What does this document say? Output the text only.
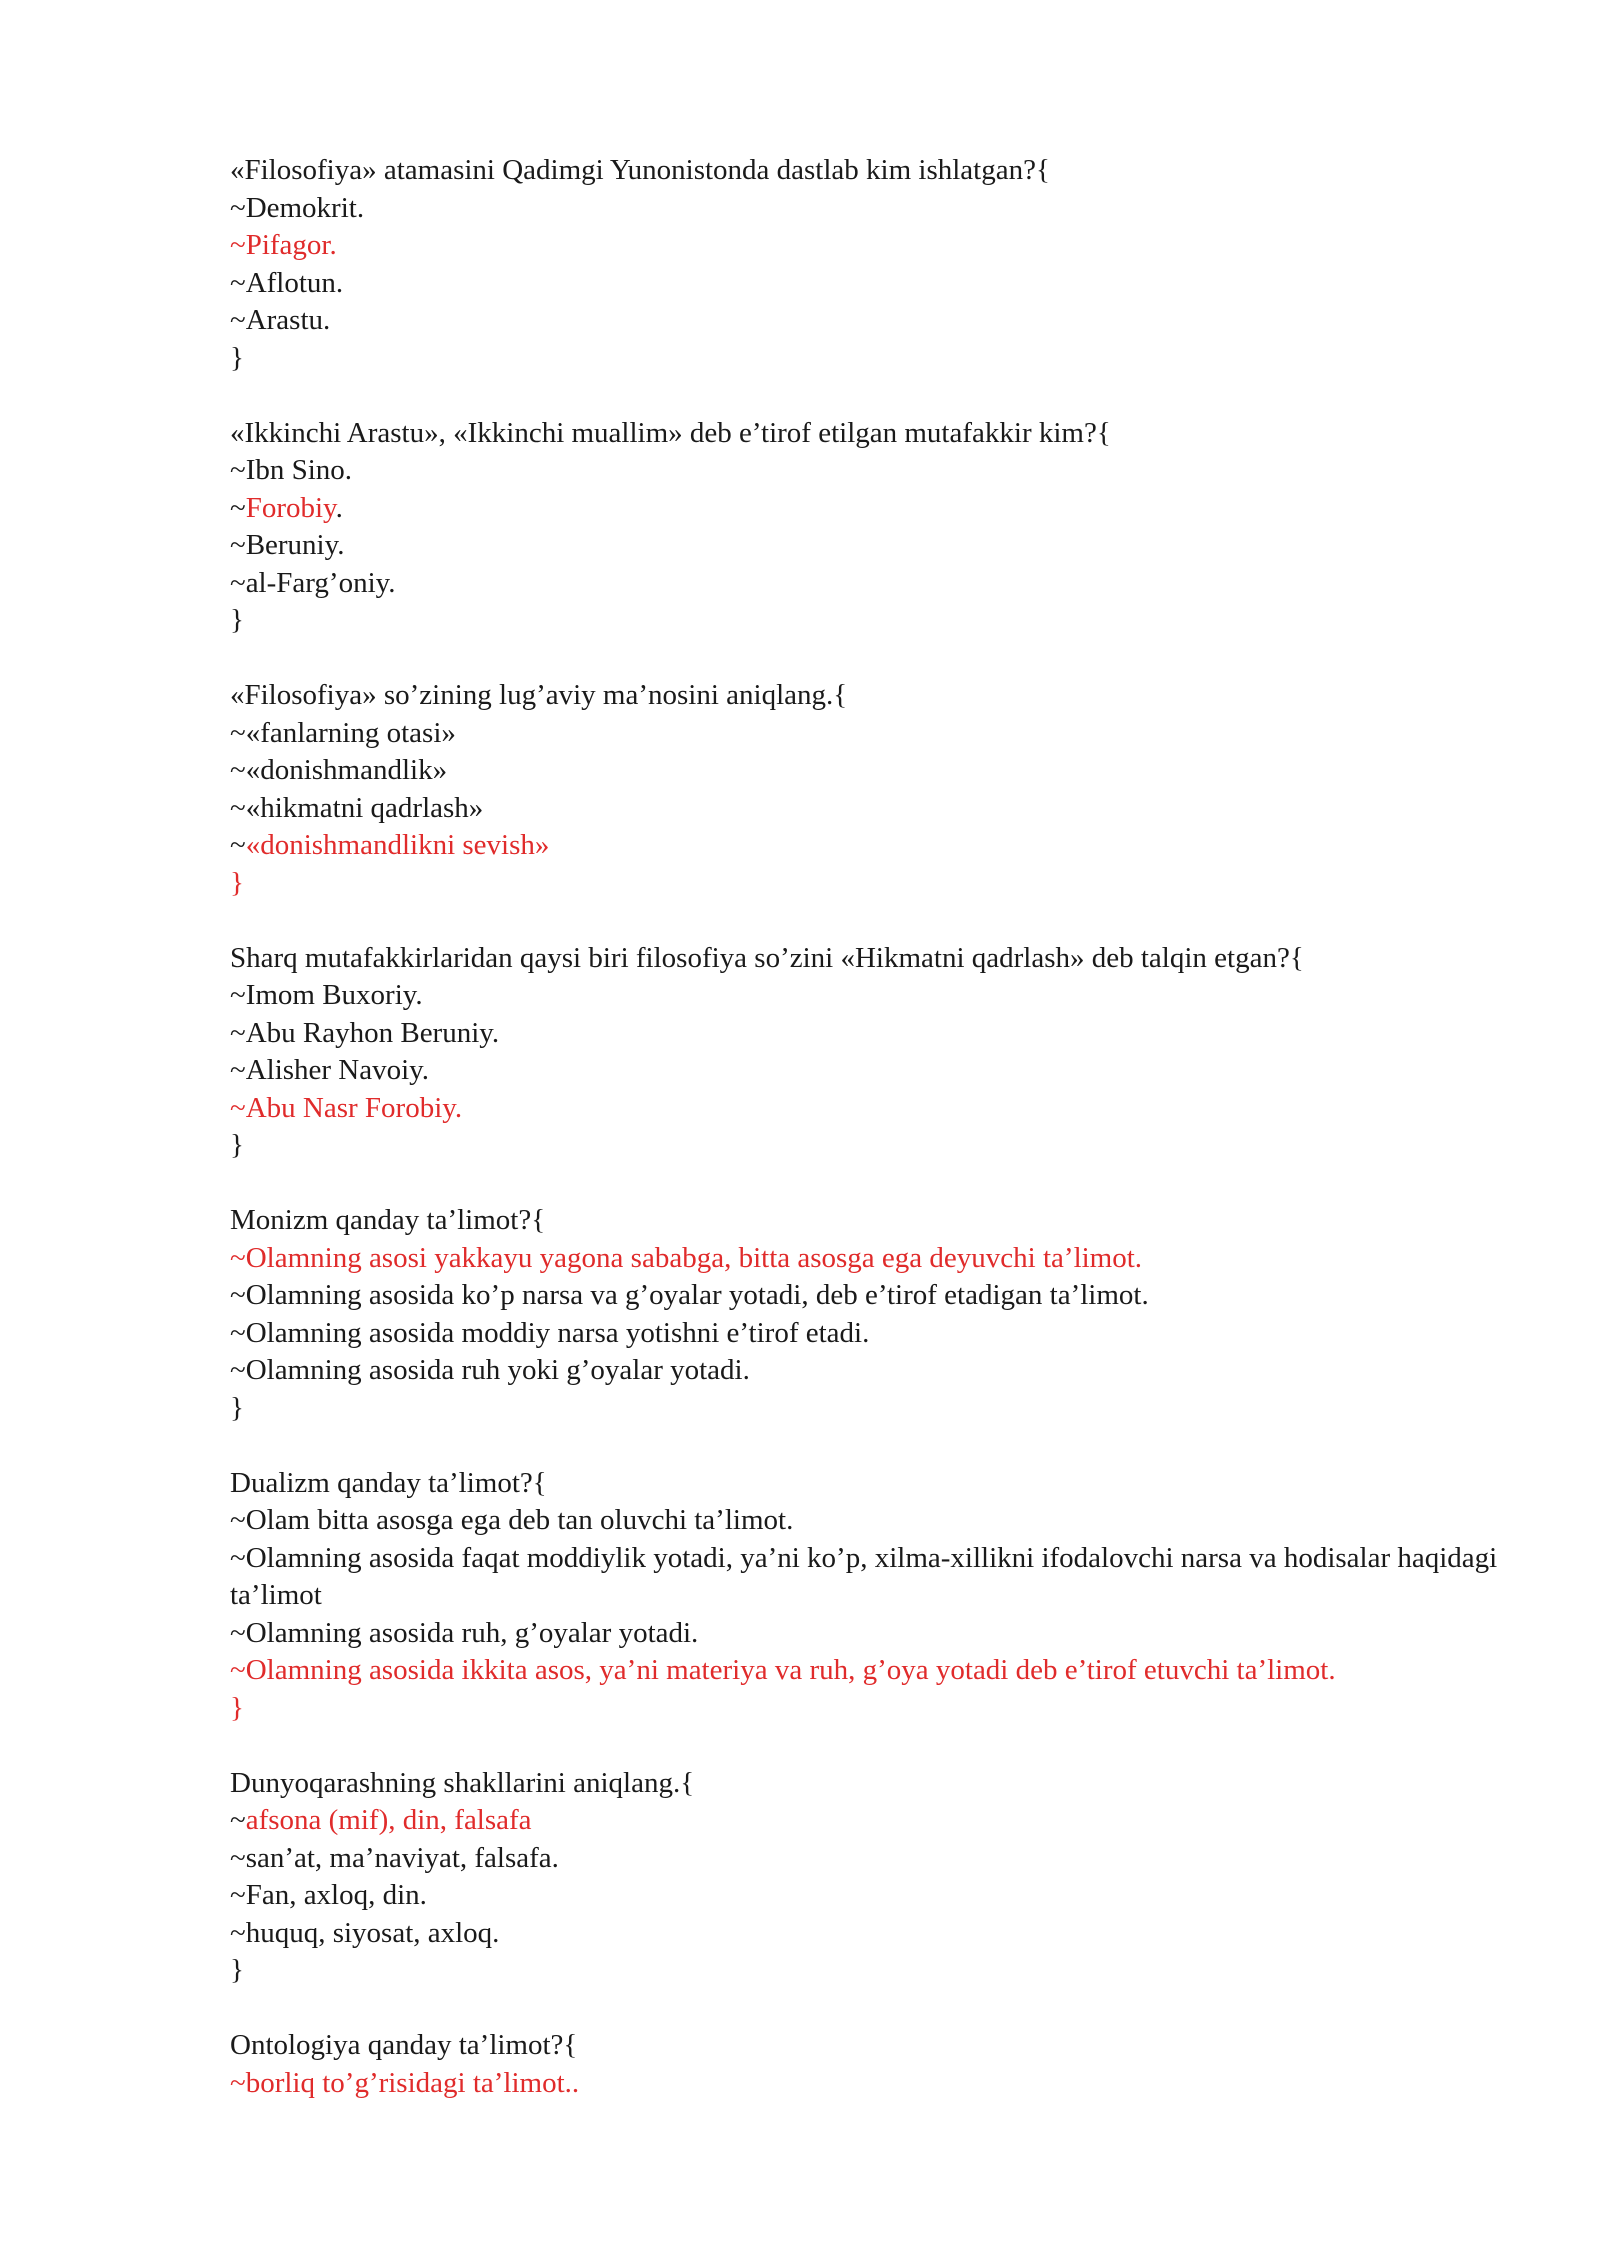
«Filosofiya» atamasini Qadimgi Yunonistonda dastlab kim ishlatgan?{
~Demokrit.
~Pifagor.
~Aflotun.
~Arastu.
}
«Ikkinchi Arastu», «Ikkinchi muallim» deb e’tirof etilgan mutafakkir kim?{
~Ibn Sino.
~Forobiy.
~Beruniy.
~al-Farg’oniy.
}
«Filosofiya» so’zining lug’aviy ma’nosini aniqlang.{
~«fanlarning otasi»
~«donishmandlik»
~«hikmatni qadrlash»
~«donishmandlikni sevish»
}
Sharq mutafakkirlaridan qaysi biri filosofiya so’zini «Hikmatni qadrlash» deb talqin etgan?{
~Imom Buxoriy.
~Abu Rayhon Beruniy.
~Alisher Navoiy.
~Abu Nasr Forobiy.
}
Monizm qanday ta’limot?{
~Olamning asosi yakkayu yagona sababga, bitta asosga ega deyuvchi ta’limot.
~Olamning asosida ko’p narsa va g’oyalar yotadi, deb e’tirof etadigan ta’limot.
~Olamning asosida moddiy narsa yotishni e’tirof etadi.
~Olamning asosida ruh yoki g’oyalar yotadi.
}
Dualizm qanday ta’limot?{
~Olam bitta asosga ega deb tan oluvchi ta’limot.
~Olamning asosida faqat moddiylik yotadi, ya’ni ko’p, xilma-xillikni ifodalovchi narsa va hodisalar haqidagi ta’limot
~Olamning asosida ruh, g’oyalar yotadi.
~Olamning asosida ikkita asos, ya’ni materiya va ruh, g’oya yotadi deb e’tirof etuvchi ta’limot.
}
Dunyoqarashning shakllarini aniqlang.{
~afsona (mif), din, falsafa
~san’at, ma’naviyat, falsafa.
~Fan, axloq, din.
~huquq, siyosat, axloq.
}
Ontologiya qanday ta’limot?{
~borliq to’g’risidagi ta’limot..
